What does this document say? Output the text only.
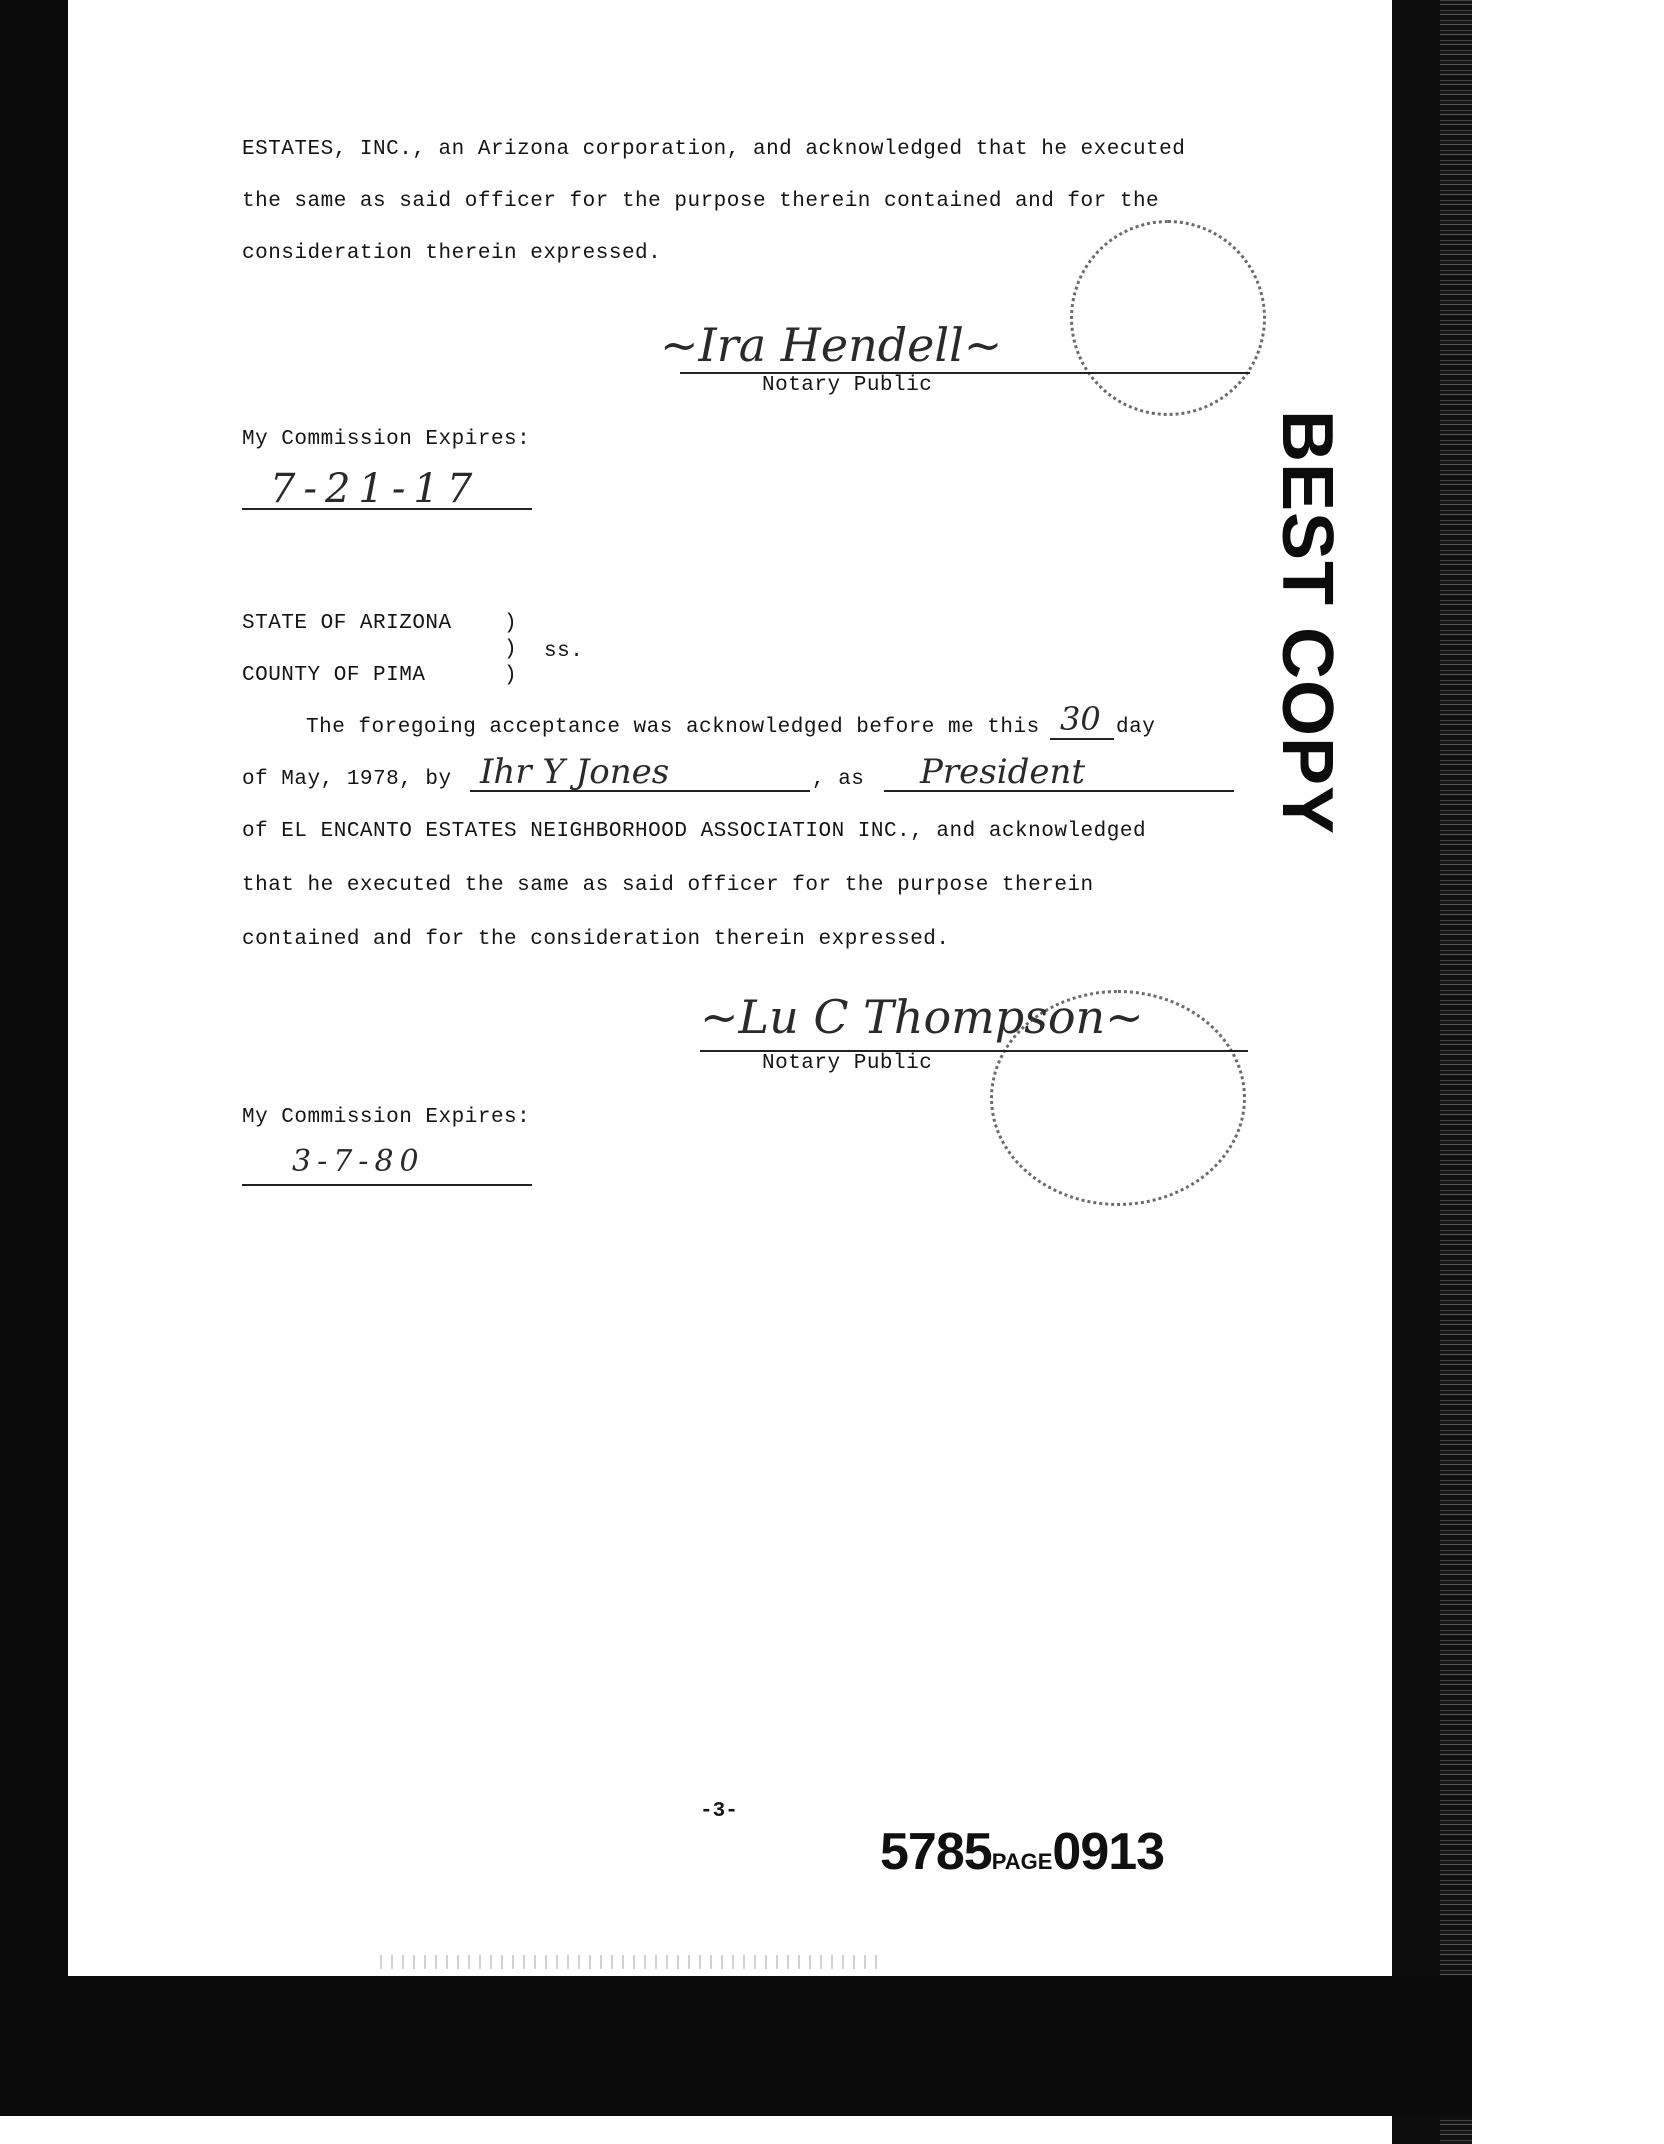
ESTATES, INC., an Arizona corporation, and acknowledged that he executed
the same as said officer for the purpose therein contained and for the
consideration therein expressed.
~Ira Hendell~
Notary Public
My Commission Expires:
7-21-17
STATE OF ARIZONA )
) ss.
COUNTY OF PIMA	)
The foregoing acceptance was acknowledged before me this 30 day
of May, 1978, by Ihr Y Jones	, as President
of EL ENCANTO ESTATES NEIGHBORHOOD ASSOCIATION INC., and acknowledged
that he executed the same as said officer for the purpose therein
contained and for the consideration therein expressed.
~Lu C Thompson~
Notary Public
My Commission Expires:
3-7-80
BEST COPY
-3-
5785PAGE0913
